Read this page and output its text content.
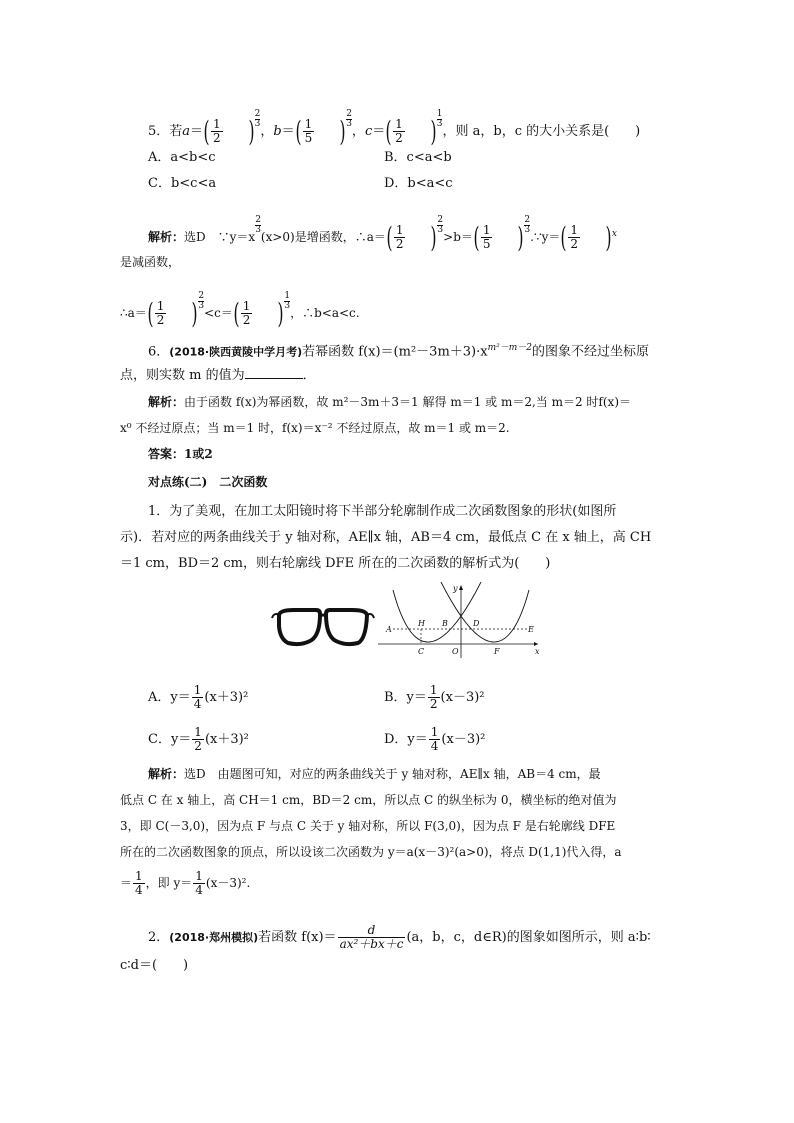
5．若$a=( \frac{1}{2}$ ) $\frac{2}{3}$
，$b=( \frac{1}{5}$ ) $\frac{2}{3}$
，$c=( \frac{1}{2}$ ) $\frac{1}{3}$
，则 a，b，c 的大小关系是(　　)
A．a<b<c	B．c<a<b
C．b<c<a	D．b<a<c
解析：选D　∵y＝x
$\frac{2}{3}$
(x>0)是增函数，∴a＝( $\frac{1}{2}$ ) $\frac{2}{3}$
$>b=( \frac{1}{5}$ ) $\frac{2}{3}$
.∵y＝( $\frac{1}{2} )^x$
是减函数，
∴a＝( $\frac{1}{2}$ ) $\frac{2}{3}$
$<c=( \frac{1}{2}$ ) $\frac{1}{3}$
，∴b<a<c.
6．(2018·陕西黄陵中学月考)若幂函数 $f(x)=(m^2-3m+3)\cdot x^{m^2-m-2}$的图象不经过坐标原
点，则实数 m 的值为	．
解析：由于函数 f(x)为幂函数，故 m²－3m＋3＝1 解得 m＝1 或 m＝2,当 m＝2 时f(x)＝
x⁰ 不经过原点；当 m＝1 时，f(x)＝x⁻² 不经过原点，故 m＝1 或 m＝2.
答案：1或2
对点练(二)　二次函数
1．为了美观，在加工太阳镜时将下半部分轮廓制作成二次函数图象的形状(如图所
示)．若对应的两条曲线关于 y 轴对称，AE∥x 轴，AB＝4 cm，最低点 C 在 x 轴上，高 CH
＝1 cm，BD＝2 cm，则右轮廓线 DFE 所在的二次函数的解析式为(　　)
A
H B	D
E
C	O	F	x
y
A．$y= \frac{1}{4} (x+3)^2$	B．$y= \frac{1}{2} (x-3)^2$
C．$y= \frac{1}{2} (x+3)^2$	D．$y= \frac{1}{4} (x-3)^2$
解析：选D　由题图可知，对应的两条曲线关于 y 轴对称，AE∥x 轴，AB＝4 cm，最
低点 C 在 x 轴上，高 CH＝1 cm，BD＝2 cm，所以点 C 的纵坐标为 0，横坐标的绝对值为
3，即 C(－3,0)，因为点 F 与点 C 关于 y 轴对称，所以 F(3,0)，因为点 F 是右轮廓线 DFE
所在的二次函数图象的顶点，所以设该二次函数为 y＝a(x－3)²(a>0)，将点 D(1,1)代入得，a
＝ $\frac{1}{4}$ ，即 $y= \frac{1}{4} (x-3)^2$.
2．(2018·郑州模拟)若函数 $f(x)= \frac{d}{\text{ax²＋bx＋c}} (a$，b，c，d∈R)的图象如图所示，则 a∶b∶
c∶d＝(　　)
